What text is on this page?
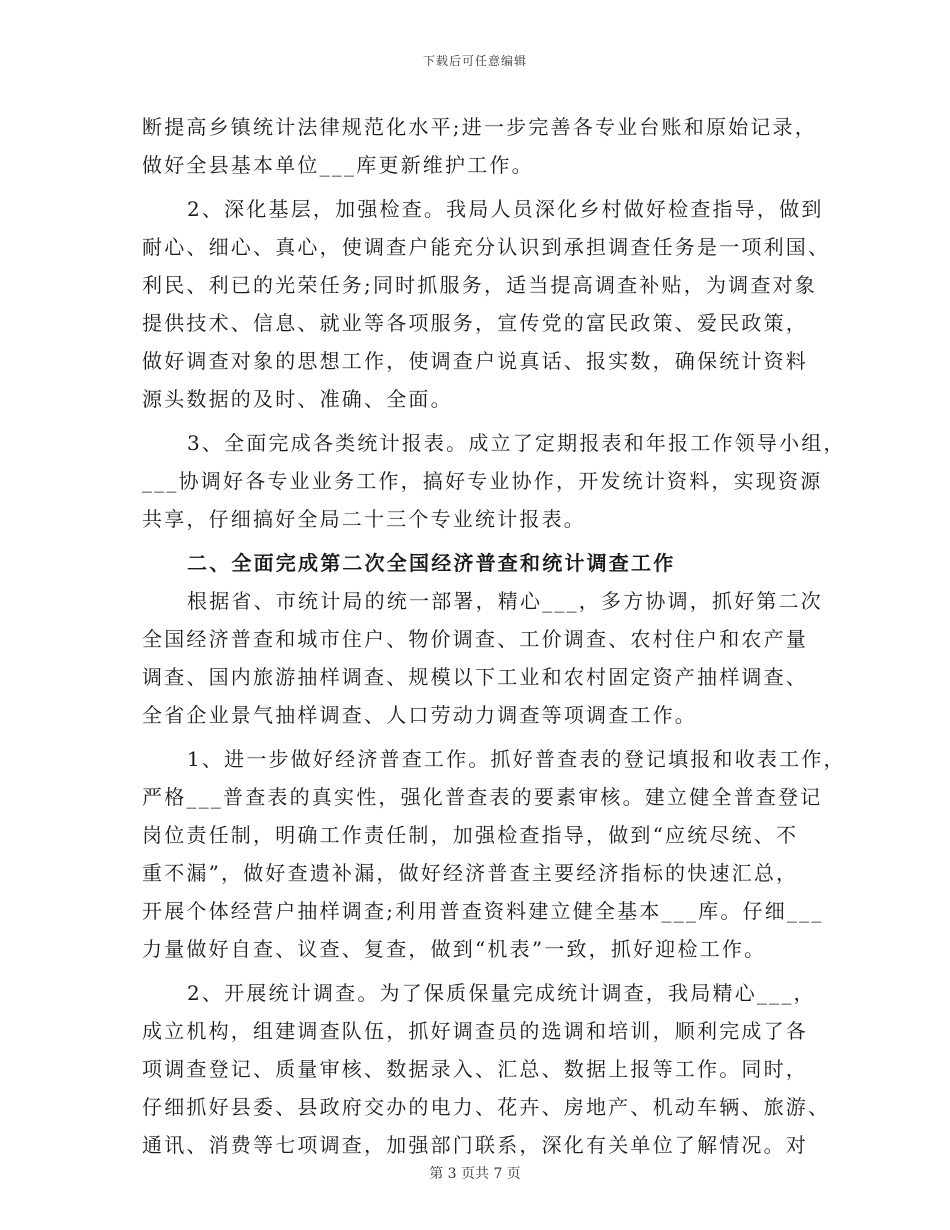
下载后可任意编辑
断提高乡镇统计法律规范化水平;进一步完善各专业台账和原始记录，
做好全县基本单位___库更新维护工作。
2、深化基层，加强检查。我局人员深化乡村做好检查指导，做到
耐心、细心、真心，使调查户能充分认识到承担调查任务是一项利国、
利民、利已的光荣任务;同时抓服务，适当提高调查补贴，为调查对象
提供技术、信息、就业等各项服务，宣传党的富民政策、爱民政策，
做好调查对象的思想工作，使调查户说真话、报实数，确保统计资料
源头数据的及时、准确、全面。
3、全面完成各类统计报表。成立了定期报表和年报工作领导小组，
___协调好各专业业务工作，搞好专业协作，开发统计资料，实现资源
共享，仔细搞好全局二十三个专业统计报表。
二、全面完成第二次全国经济普查和统计调查工作
根据省、市统计局的统一部署，精心___，多方协调，抓好第二次
全国经济普查和城市住户、物价调查、工价调查、农村住户和农产量
调查、国内旅游抽样调查、规模以下工业和农村固定资产抽样调查、
全省企业景气抽样调查、人口劳动力调查等项调查工作。
1、进一步做好经济普查工作。抓好普查表的登记填报和收表工作，
严格___普查表的真实性，强化普查表的要素审核。建立健全普查登记
岗位责任制，明确工作责任制，加强检查指导，做到“应统尽统、不
重不漏”，做好查遗补漏，做好经济普查主要经济指标的快速汇总，
开展个体经营户抽样调查;利用普查资料建立健全基本___库。仔细___
力量做好自查、议查、复查，做到“机表”一致，抓好迎检工作。
2、开展统计调查。为了保质保量完成统计调查，我局精心___，
成立机构，组建调查队伍，抓好调查员的选调和培训，顺利完成了各
项调查登记、质量审核、数据录入、汇总、数据上报等工作。同时，
仔细抓好县委、县政府交办的电力、花卉、房地产、机动车辆、旅游、
通讯、消费等七项调查，加强部门联系，深化有关单位了解情况。对
第 3 页共 7 页
